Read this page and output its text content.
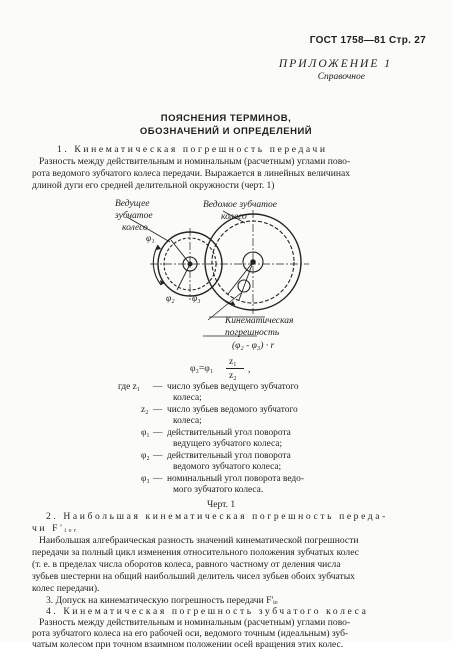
ГОСТ 1758—81 Стр. 27
ПРИЛОЖЕНИЕ 1
Справочное
ПОЯСНЕНИЯ ТЕРМИНОВ,
ОБОЗНАЧЕНИЙ И ОПРЕДЕЛЕНИЙ
1. Кинематическая погрешность передачи
Разность между действительным и номинальным (расчетным) углами пово-
рота ведомого зубчатого колеса передачи. Выражается в линейных величинах
длиной дуги его средней делительной окружности (черт. 1)
Ведущее
зубчатое
колесо
Ведомое зубчатое
колесо
φ₁
φ₂ φ₃
Кинематическая
погрешность
(φ₂ - φ₃) · r
φ₃=φ₁
z₁
z₂
,
где z₁ — число зубьев ведущего зубчатого
колеса;
z₂ — число зубьев ведомого зубчатого
колеса;
φ₁ — действительный угол поворота
ведущего зубчатого колеса;
φ₂ — действительный угол поворота
ведомого зубчатого колеса;
φ₃ — номинальный угол поворота ведо-
мого зубчатого колеса.
Черт. 1
2. Наибольшая кинематическая погрешность переда-
чи F'ᵢₒᵣ
Наибольшая алгебраическая разность значений кинематической погрешности
передачи за полный цикл изменения относительного положения зубчатых колес
(т. е. в пределах числа оборотов колеса, равного частному от деления числа
зубьев шестерни на общий наибольший делитель чисел зубьев обоих зубчатых
колес передачи).
3. Допуск на кинематическую погрешность передачи F'ᵢₒ
4. Кинематическая погрешность зубчатого колеса
Разность между действительным и номинальным (расчетным) углами пово-
рота зубчатого колеса на его рабочей оси, ведомого точным (идеальным) зуб-
чатым колесом при точном взаимном положении осей вращения этих колес.
